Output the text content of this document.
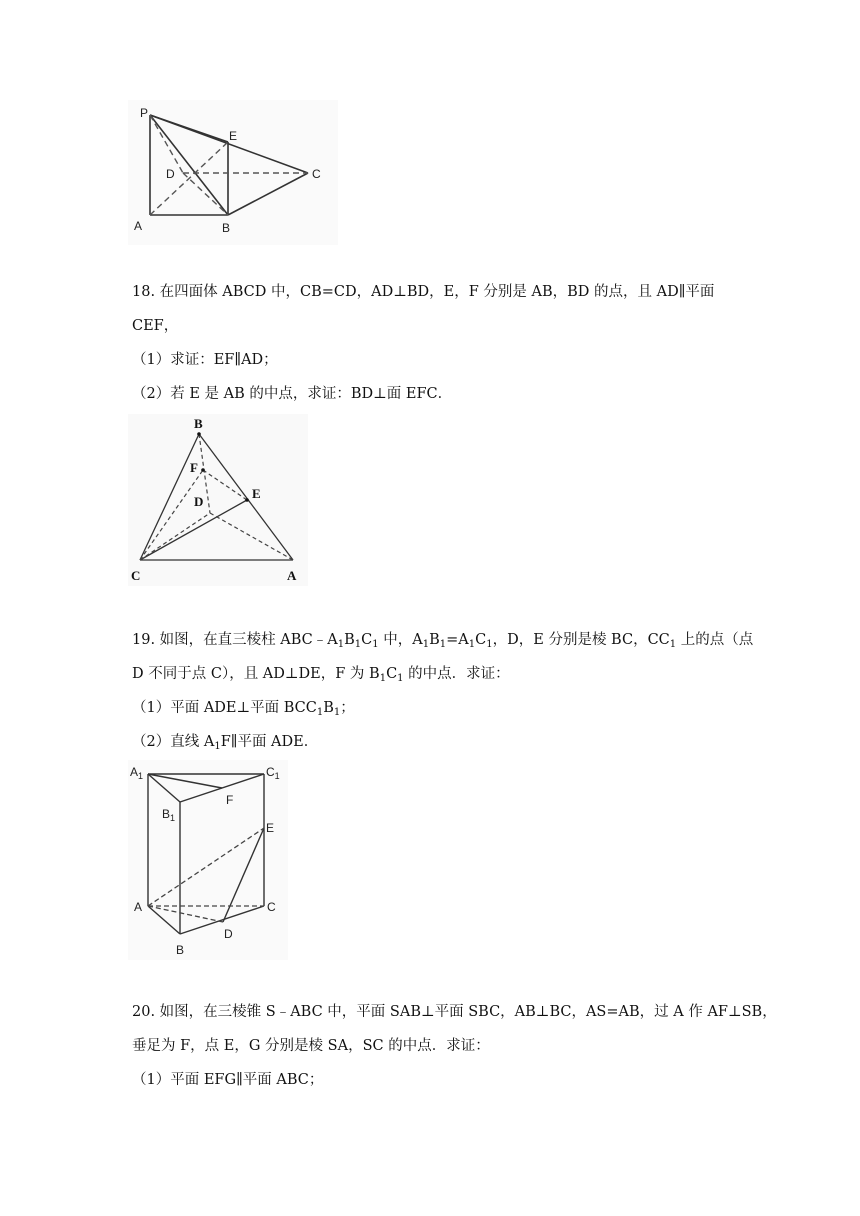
P
E
D	C
A	B
18. 在四面体 ABCD 中，CB=CD，AD⊥BD，E，F 分别是 AB，BD 的点，且 AD∥平面
CEF，
（1）求证：EF∥AD；
（2）若 E 是 AB 的中点，求证：BD⊥面 EFC．
B
F
D
E
C	A
19. 如图，在直三棱柱 $ABC﹣A_1B_1C_1$ 中，$A_1B_1=A_1C_1$，D，E 分别是棱 BC，$CC_1$ 上的点（点
D 不同于点 C），且 AD⊥DE，F 为 $B_1C_1$ 的中点．求证：
（1）平面 ADE⊥平面 $BCC_1B_1$；
（2）直线 $A_1F\parallel$平面 ADE．
$A_1$	$C_1$
$B_1$
F
E
A	C
D
B
20. 如图，在三棱锥 S﹣ABC 中，平面 SAB⊥平面 SBC，AB⊥BC，AS=AB，过 A 作 AF⊥SB，
垂足为 F，点 E，G 分别是棱 SA，SC 的中点．求证：
（1）平面 EFG∥平面 ABC；
